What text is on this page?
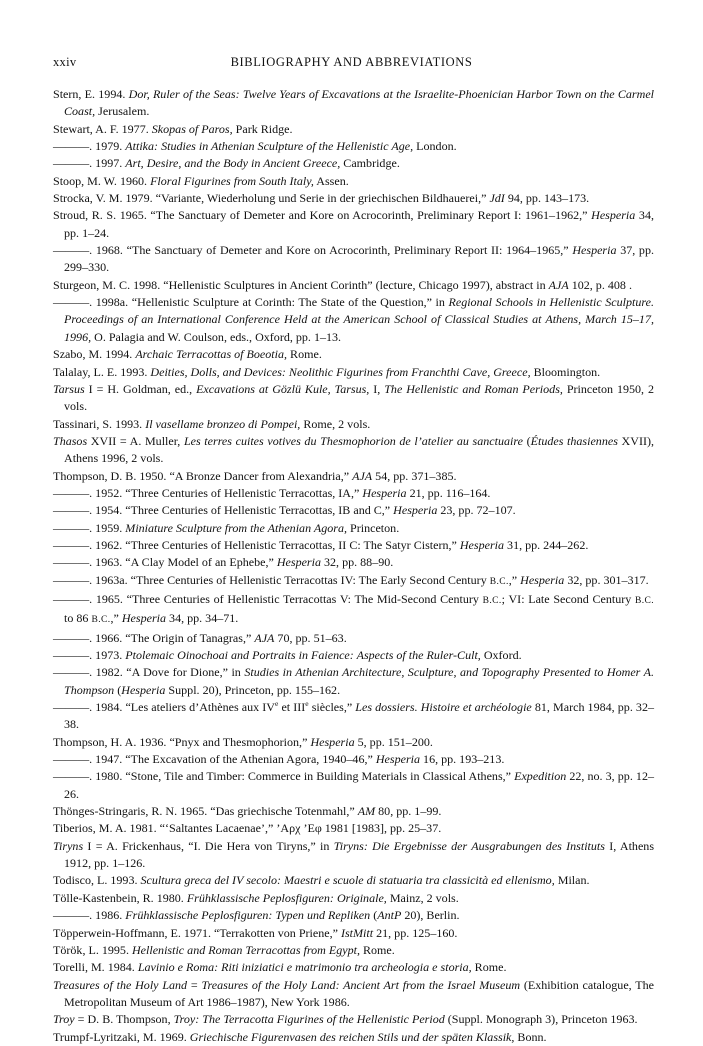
xxiv	BIBLIOGRAPHY AND ABBREVIATIONS
Stern, E. 1994. Dor, Ruler of the Seas: Twelve Years of Excavations at the Israelite-Phoenician Harbor Town on the Carmel Coast, Jerusalem.
Stewart, A. F. 1977. Skopas of Paros, Park Ridge.
———. 1979. Attika: Studies in Athenian Sculpture of the Hellenistic Age, London.
———. 1997. Art, Desire, and the Body in Ancient Greece, Cambridge.
Stoop, M. W. 1960. Floral Figurines from South Italy, Assen.
Strocka, V. M. 1979. “Variante, Wiederholung und Serie in der griechischen Bildhauerei,” JdI 94, pp. 143–173.
Stroud, R. S. 1965. “The Sanctuary of Demeter and Kore on Acrocorinth, Preliminary Report I: 1961–1962,” Hesperia 34, pp. 1–24.
———. 1968. “The Sanctuary of Demeter and Kore on Acrocorinth, Preliminary Report II: 1964–1965,” Hesperia 37, pp. 299–330.
Sturgeon, M. C. 1998. “Hellenistic Sculptures in Ancient Corinth” (lecture, Chicago 1997), abstract in AJA 102, p. 408 .
———. 1998a. “Hellenistic Sculpture at Corinth: The State of the Question,” in Regional Schools in Hellenistic Sculpture. Proceedings of an International Conference Held at the American School of Classical Studies at Athens, March 15–17, 1996, O. Palagia and W. Coulson, eds., Oxford, pp. 1–13.
Szabo, M. 1994. Archaic Terracottas of Boeotia, Rome.
Talalay, L. E. 1993. Deities, Dolls, and Devices: Neolithic Figurines from Franchthi Cave, Greece, Bloomington.
Tarsus I = H. Goldman, ed., Excavations at Gözlü Kule, Tarsus, I, The Hellenistic and Roman Periods, Princeton 1950, 2 vols.
Tassinari, S. 1993. Il vasellame bronzeo di Pompei, Rome, 2 vols.
Thasos XVII = A. Muller, Les terres cuites votives du Thesmophorion de l’atelier au sanctuaire (Études thasiennes XVII), Athens 1996, 2 vols.
Thompson, D. B. 1950. “A Bronze Dancer from Alexandria,” AJA 54, pp. 371–385.
———. 1952. “Three Centuries of Hellenistic Terracottas, IA,” Hesperia 21, pp. 116–164.
———. 1954. “Three Centuries of Hellenistic Terracottas, IB and C,” Hesperia 23, pp. 72–107.
———. 1959. Miniature Sculpture from the Athenian Agora, Princeton.
———. 1962. “Three Centuries of Hellenistic Terracottas, II C: The Satyr Cistern,” Hesperia 31, pp. 244–262.
———. 1963. “A Clay Model of an Ephebe,” Hesperia 32, pp. 88–90.
———. 1963a. “Three Centuries of Hellenistic Terracottas IV: The Early Second Century B.C.,” Hesperia 32, pp. 301–317.
———. 1965. “Three Centuries of Hellenistic Terracottas V: The Mid-Second Century B.C.; VI: Late Second Century B.C. to 86 B.C.,” Hesperia 34, pp. 34–71.
———. 1966. “The Origin of Tanagras,” AJA 70, pp. 51–63.
———. 1973. Ptolemaic Oinochoai and Portraits in Faience: Aspects of the Ruler-Cult, Oxford.
———. 1982. “A Dove for Dione,” in Studies in Athenian Architecture, Sculpture, and Topography Presented to Homer A. Thompson (Hesperia Suppl. 20), Princeton, pp. 155–162.
———. 1984. “Les ateliers d’Athènes aux IVe et IIIe siècles,” Les dossiers. Histoire et archéologie 81, March 1984, pp. 32–38.
Thompson, H. A. 1936. “Pnyx and Thesmophorion,” Hesperia 5, pp. 151–200.
———. 1947. “The Excavation of the Athenian Agora, 1940–46,” Hesperia 16, pp. 193–213.
———. 1980. “Stone, Tile and Timber: Commerce in Building Materials in Classical Athens,” Expedition 22, no. 3, pp. 12–26.
Thönges-Stringaris, R. N. 1965. “Das griechische Totenmahl,” AM 80, pp. 1–99.
Tiberios, M. A. 1981. “‘Saltantes Lacaenae’,” ’Αρχ ’Εφ 1981 [1983], pp. 25–37.
Tiryns I = A. Frickenhaus, “I. Die Hera von Tiryns,” in Tiryns: Die Ergebnisse der Ausgrabungen des Instituts I, Athens 1912, pp. 1–126.
Todisco, L. 1993. Scultura greca del IV secolo: Maestri e scuole di statuaria tra classicità ed ellenismo, Milan.
Tölle-Kastenbein, R. 1980. Frühklassische Peplosfiguren: Originale, Mainz, 2 vols.
———. 1986. Frühklassische Peplosfiguren: Typen und Repliken (AntP 20), Berlin.
Töpperwein-Hoffmann, E. 1971. “Terrakotten von Priene,” IstMitt 21, pp. 125–160.
Török, L. 1995. Hellenistic and Roman Terracottas from Egypt, Rome.
Torelli, M. 1984. Lavinio e Roma: Riti iniziatici e matrimonio tra archeologia e storia, Rome.
Treasures of the Holy Land = Treasures of the Holy Land: Ancient Art from the Israel Museum (Exhibition catalogue, The Metropolitan Museum of Art 1986–1987), New York 1986.
Troy = D. B. Thompson, Troy: The Terracotta Figurines of the Hellenistic Period (Suppl. Monograph 3), Princeton 1963.
Trumpf-Lyritzaki, M. 1969. Griechische Figurenvasen des reichen Stils und der späten Klassik, Bonn.
